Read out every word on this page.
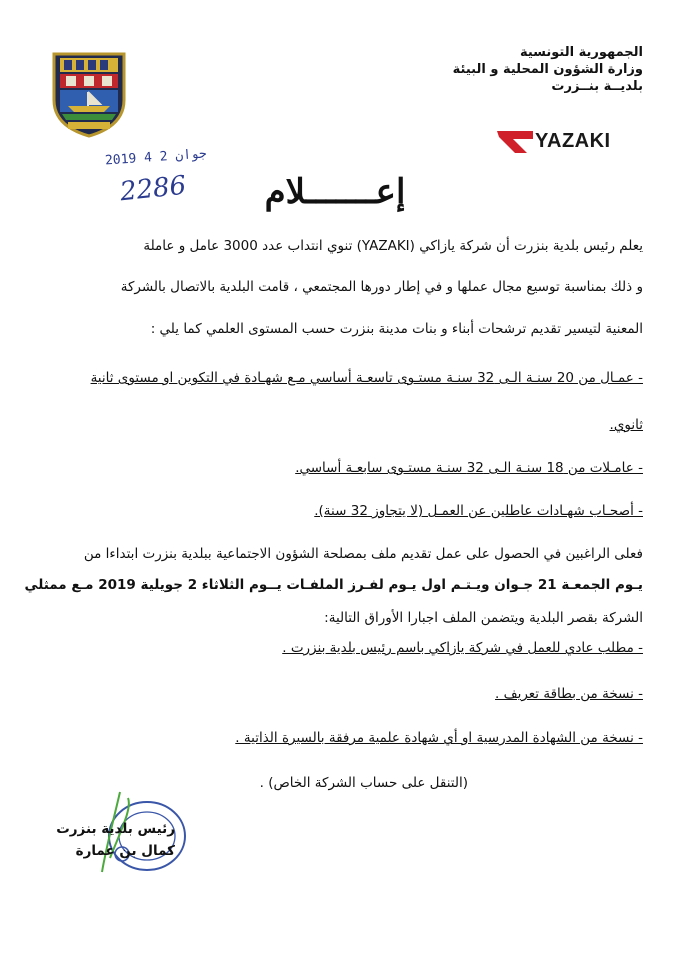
الجمهورية التونسية
وزارة الشؤون المحلية و البيئة
بلديــة بنــزرت
YAZAKI
2019 جوان 2 4
2286	إعـــــــلام
يعلم رئيس بلدية بنزرت أن شركة يازاكي (YAZAKI) تنوي انتداب عدد 3000 عامل و عاملة
و ذلك بمناسبة توسيع مجال عملها و في إطار دورها المجتمعي ، قامت البلدية بالاتصال بالشركة
المعنية لتيسير تقديم ترشحات أبناء و بنات مدينة بنزرت حسب المستوى العلمي كما يلي :
- عمـال من 20 سنـة الـى 32 سنـة مستـوى تاسعـة أساسي مـع شهـادة في التكوين او مستوى ثانية
ثانوي.
- عامـلات من 18 سنـة الـى 32 سنـة مستـوى سابعـة أساسي.
- أصحـاب شهـادات عاطلين عن العمـل (لا يتجاوز 32 سنة).
فعلى الراغبين في الحصول على عمل تقديم ملف بمصلحة الشؤون الاجتماعية ببلدية بنزرت ابتداءا من
يـوم الجمعـة 21 جـوان ويـتـم اول يـوم لفـرز الملفـات يــوم الثلاثاء 2 جويلية 2019 مـع ممثلي
الشركة بقصر البلدية ويتضمن الملف اجبارا الأوراق التالية:
- مطلب عادي للعمل في شركة يازاكي باسم رئيس بلدية بنزرت .
- نسخة من بطاقة تعريف .
- نسخة من الشهادة المدرسية او أي شهادة علمية مرفقة بالسيرة الذاتية .
(التنقل على حساب الشركة الخاص) .
رئيس بلدية بنزرت
كمال بن عمارة
